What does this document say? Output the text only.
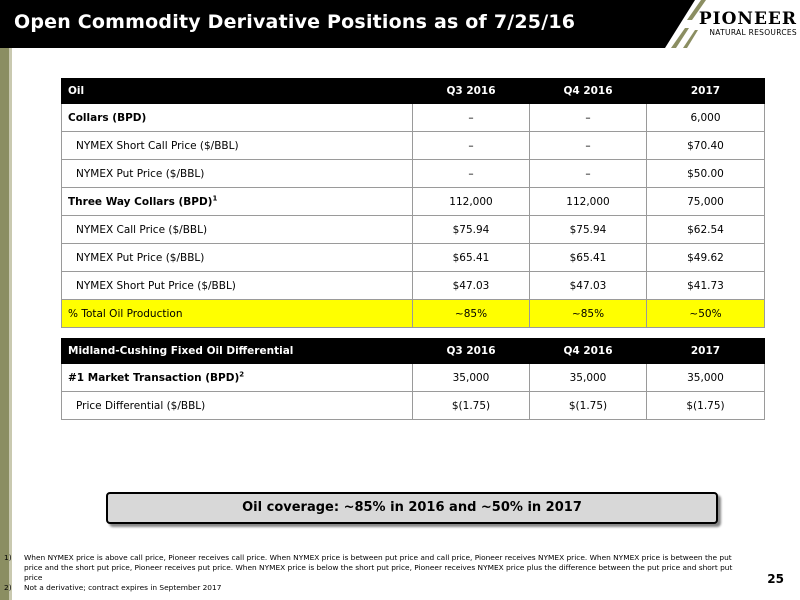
Open Commodity Derivative Positions as of 7/25/16	PIONEER
NATURAL RESOURCES
Oil	Q3 2016	Q4 2016	2017
Collars (BPD)	–	–	6,000
NYMEX Short Call Price ($/BBL)	–	–	$70.40
NYMEX Put Price ($/BBL)	–	–	$50.00
Three Way Collars (BPD)$^1$	112,000	112,000	75,000
NYMEX Call Price ($/BBL)	$75.94	$75.94	$62.54
NYMEX Put Price ($/BBL)	$65.41	$65.41	$49.62
NYMEX Short Put Price ($/BBL)	$47.03	$47.03	$41.73
% Total Oil Production	~85%	~85%	~50%
Midland-Cushing Fixed Oil Differential	Q3 2016	Q4 2016	2017
#1 Market Transaction (BPD)$^2$	35,000	35,000	35,000
Price Differential ($/BBL)	$(1.75)	$(1.75)	$(1.75)
Oil coverage: ~85% in 2016 and ~50% in 2017
1) When NYMEX price is above call price, Pioneer receives call price. When NYMEX price is between put price and call price, Pioneer receives NYMEX price. When NYMEX price is between the put price and the short put price, Pioneer receives put price. When NYMEX price is below the short put price, Pioneer receives NYMEX price plus the difference between the put price and short put price
2) Not a derivative; contract expires in September 2017
25
